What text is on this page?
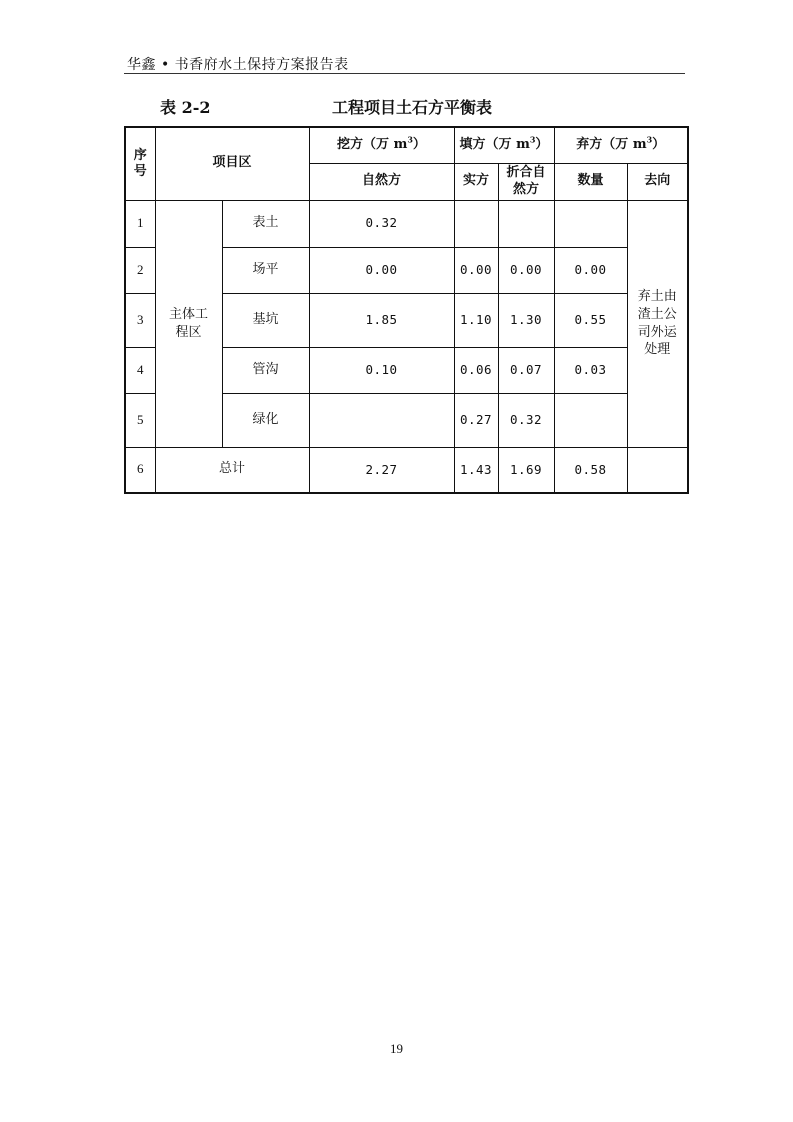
华鑫 • 书香府水土保持方案报告表
表 2-2	工程项目土石方平衡表
序号	项目区		挖方（万 $m^3$）	填方（万 $m^3$）		弃方（万 $m^3$）	
			自然方	实方	折合自然方	数量	去向
1	主体工程区	表土	0.32				弃土由渣土公司外运处理

2		场平	0.00	0.00	0.00	0.00	
3		基坑	1.85	1.10	1.30	0.55	
4		管沟	0.10	0.06	0.07	0.03	
5		绿化		0.27	0.32		
6	总计		2.27	1.43	1.69	0.58	
19
